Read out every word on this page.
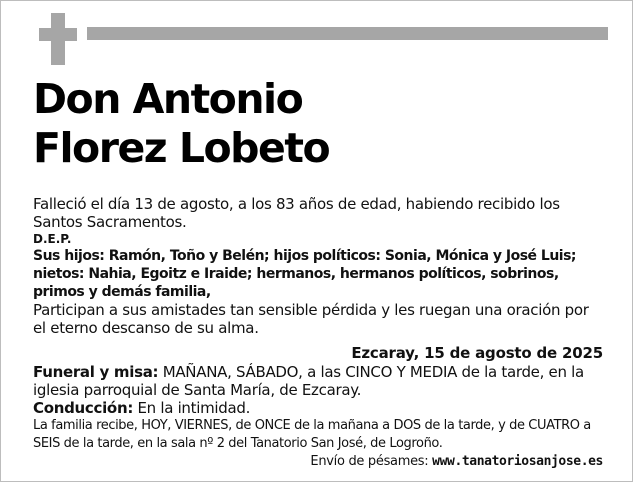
Don Antonio
Florez Lobeto

Falleció el día 13 de agosto, a los 83 años de edad, habiendo recibido los Santos Sacramentos.

D.E.P.
Sus hijos: Ramón, Toño y Belén; hijos políticos: Sonia, Mónica y José Luis; nietos: Nahia, Egoitz e Iraide; hermanos, hermanos políticos, sobrinos, primos y demás familia,

Participan a sus amistades tan sensible pérdida y les ruegan una oración por el eterno descanso de su alma.

Ezcaray, 15 de agosto de 2025

Funeral y misa: MAÑANA, SÁBADO, a las CINCO Y MEDIA de la tarde, en la iglesia parroquial de Santa María, de Ezcaray.

Conducción: En la intimidad.

La familia recibe, HOY, VIERNES, de ONCE de la mañana a DOS de la tarde, y de CUATRO a SEIS de la tarde, en la sala nº 2 del Tanatorio San José, de Logroño.

Envío de pésames: www.tanatoriosanjose.es
